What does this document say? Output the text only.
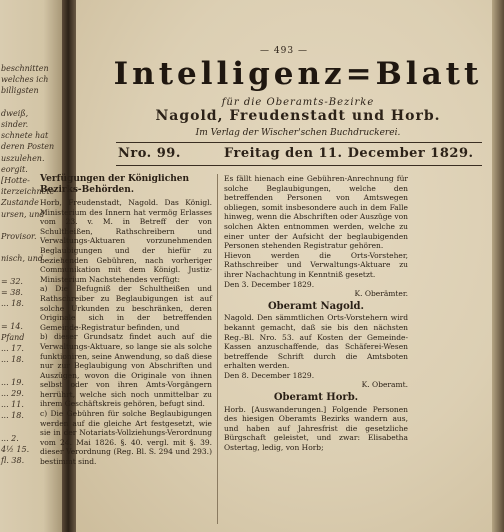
beschnitten
welches ich
billigsten
dweiß,
sinder.
schnete hat
deren Posten
uszulehen.
eorgit.
[Hotte-
iterzeichnete
Zustande
ursen, und
Provisor.
nisch, und
= 32.
= 38.
... 18.
= 14.
Pfand
... 17.
... 18.
... 19.
... 29.
... 11.
... 18.
... 2.
4½ 15.
fl. 38.
— 493 —
Intelligenz=Blatt
für die Oberamts-Bezirke
Nagold, Freudenstadt und Horb.
Im Verlag der Wischer'schen Buchdruckerei.
Nro. 99.	Freitag den 11. December 1829.

Verfügungen der Königlichen Bezirks-Behörden.

Horb, Freudenstadt, Nagold. Das Königl. Ministerium des Innern hat vermög Erlasses vom 23. v. M. in Betreff der von Schultheißen, Rathschreibern und Verwaltungs-Aktuaren vorzunehmenden Beglaubigungen und der hiefür zu beziehenden Gebühren, nach vorheriger Communikation mit dem Königl. Justiz-Ministerium Nachstehendes verfügt:

a) Die Befugniß der Schultheißen und Rathschreiber zu Beglaubigungen ist auf solche Urkunden zu beschränken, deren Originale sich in der betreffenden Gemeinde-Registratur befinden, und

b) dieser Grundsatz findet auch auf die Verwaltungs-Aktuare, so lange sie als solche funktioniren, seine Anwendung, so daß diese nur zur Beglaubigung von Abschriften und Auszügen, wovon die Originale von ihnen selbst oder von ihren Amts-Vorgängern herrührt, welche sich noch unmittelbar zu ihrem Geschäftskreis gehören, befugt sind.

c) Die Gebühren für solche Beglaubigungen werden auf die gleiche Art festgesetzt, wie sie in der Notariats-Vollziehungs-Verordnung vom 24. Mai 1826. §. 40. vergl. mit §. 39. dieser Verordnung (Reg. Bl. S. 294 und 293.) bestimmt sind.

Es fällt hienach eine Gebühren-Anrechnung für solche Beglaubigungen, welche den betreffenden Personen von Amtswegen obliegen, somit insbesondere auch in dem Falle hinweg, wenn die Abschriften oder Auszüge von solchen Akten entnommen werden, welche zu einer unter der Aufsicht der beglaubigenden Personen stehenden Registratur gehören.

Hievon werden die Orts-Vorsteher, Rathschreiber und Verwaltungs-Aktuare zu ihrer Nachachtung in Kenntniß gesetzt.

Den 3. December 1829.

K. Oberämter.

Oberamt Nagold.

Nagold. Den sämmtlichen Orts-Vorstehern wird bekannt gemacht, daß sie bis den nächsten Reg.-Bl. Nro. 53. auf Kosten der Gemeinde-Kassen anzuschaffende, das Schäferei-Wesen betreffende Schrift durch die Amtsboten erhalten werden.

Den 8. December 1829.

K. Oberamt.

Oberamt Horb.

Horb. [Auswanderungen.] Folgende Personen des hiesigen Oberamts Bezirks wandern aus, und haben auf Jahresfrist die gesetzliche Bürgschaft geleistet, und zwar: Elisabetha Ostertag, ledig, von Horb;
